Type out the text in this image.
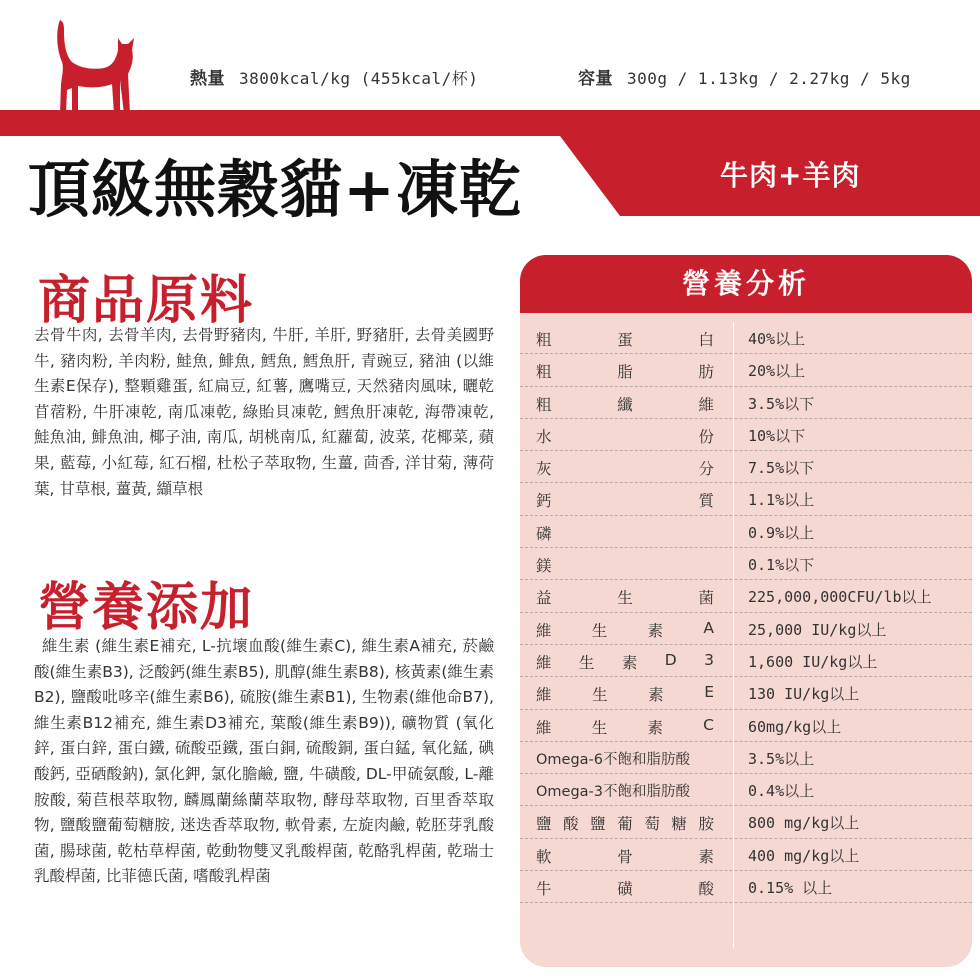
熱量 3800kcal/kg (455kcal/杯)	容量 300g / 1.13kg / 2.27kg / 5kg
頂級無穀貓+凍乾	牛肉+羊肉
商品原料
去骨牛肉, 去骨羊肉, 去骨野豬肉, 牛肝, 羊肝, 野豬肝, 去骨美國野牛, 豬肉粉, 羊肉粉, 鮭魚, 鯡魚, 鱈魚, 鱈魚肝, 青豌豆, 豬油 (以維生素E保存), 整顆雞蛋, 紅扁豆, 紅薯, 鷹嘴豆, 天然豬肉風味, 曬乾苜蓿粉, 牛肝凍乾, 南瓜凍乾, 綠貽貝凍乾, 鱈魚肝凍乾, 海帶凍乾, 鮭魚油, 鯡魚油, 椰子油, 南瓜, 胡桃南瓜, 紅蘿蔔, 波菜, 花椰菜, 蘋果, 藍莓, 小紅莓, 紅石榴, 杜松子萃取物, 生薑, 茴香, 洋甘菊, 薄荷葉, 甘草根, 薑黃, 纈草根
營養添加
維生素 (維生素E補充, L-抗壞血酸(維生素C), 維生素A補充, 菸鹼酸(維生素B3), 泛酸鈣(維生素B5), 肌醇(維生素B8), 核黃素(維生素B2), 鹽酸吡哆辛(維生素B6), 硫胺(維生素B1), 生物素(維他命B7), 維生素B12補充, 維生素D3補充, 葉酸(維生素B9)), 礦物質 (氧化鋅, 蛋白鋅, 蛋白鐵, 硫酸亞鐵, 蛋白銅, 硫酸銅, 蛋白錳, 氧化錳, 碘酸鈣, 亞硒酸鈉), 氯化鉀, 氯化膽鹼, 鹽, 牛磺酸, DL-甲硫氨酸, L-離胺酸, 菊苣根萃取物, 麟鳳蘭絲蘭萃取物, 酵母萃取物, 百里香萃取物, 鹽酸鹽葡萄糖胺, 迷迭香萃取物, 軟骨素, 左旋肉鹼, 乾胚芽乳酸菌, 腸球菌, 乾枯草桿菌, 乾動物雙叉乳酸桿菌, 乾酪乳桿菌, 乾瑞士乳酸桿菌, 比菲德氏菌, 嗜酸乳桿菌
營養分析
粗	蛋	白 40%以上
粗	脂	肪 20%以上
粗	纖	維 3.5%以下
水	份 10%以下
灰	分 7.5%以下
鈣	質 1.1%以上
磷	0.9%以上
鎂	0.1%以下
益	生	菌 225,000,000CFU/lb以上
維	生	素	A 25,000 IU/kg以上
維 生 素 D 3 1,600 IU/kg以上
維	生	素	E 130 IU/kg以上
維	生	素	C 60mg/kg以上
Omega-6不飽和脂肪酸	3.5%以上
Omega-3不飽和脂肪酸	0.4%以上
鹽 酸 鹽 葡 萄 糖 胺 800 mg/kg以上
軟	骨	素 400 mg/kg以上
牛	磺	酸 0.15% 以上
